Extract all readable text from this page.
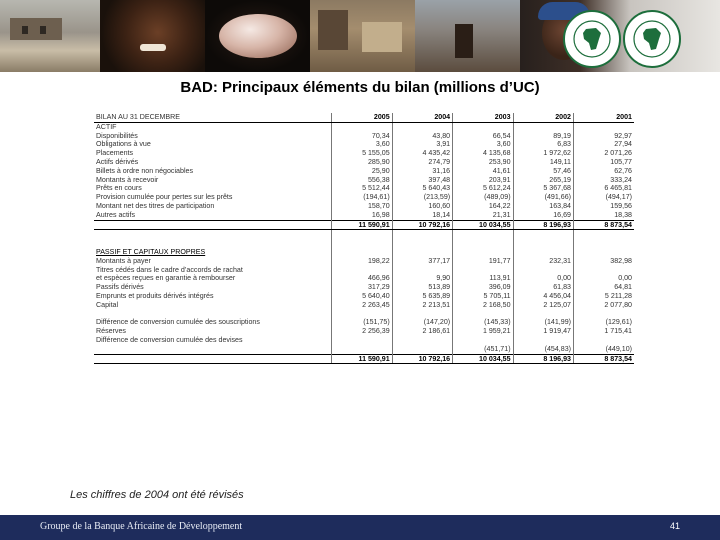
BAD: Principaux éléments du bilan (millions d’UC)
BILAN AU 31 DECEMBRE	2005	2004	2003	2002	2001
ACTIF					
Disponibilités	70,34	43,80	66,54	89,19	92,97
Obligations à vue	3,60	3,91	3,60	6,83	27,94
Placements	5 155,05	4 435,42	4 135,68	1 972,62	2 071,26
Actifs dérivés	285,90	274,79	253,90	149,11	105,77
Billets à ordre non négociables	25,90	31,16	41,61	57,46	62,76
Montants à recevoir	556,38	397,48	203,91	265,19	333,24
Prêts en cours	5 512,44	5 640,43	5 612,24	5 367,68	6 465,81
Provision cumulée pour pertes sur les prêts	(194,61)	(213,59)	(489,09)	(491,66)	(494,17)
Montant net des titres de participation	158,70	160,60	164,22	163,84	159,56
Autres actifs	16,98	18,14	21,31	16,69	18,38
	11 590,91	10 792,16	10 034,55	8 196,93	8 873,54

PASSIF ET CAPITAUX PROPRES					
Montants à payer	198,22	377,17	191,77	232,31	382,98
Titres cédés dans le cadre d’accords de rachat					
et espèces reçues en garantie à rembourser	466,96	9,90	113,91	0,00	0,00
Passifs dérivés	317,29	513,89	396,09	61,83	64,81
Emprunts et produits dérivés intégrés	5 640,40	5 635,89	5 705,11	4 456,04	5 211,28
Capital	2 263,45	2 213,51	2 168,50	2 125,07	2 077,80

Différence de conversion cumulée des souscriptions	(151,75)	(147,20)	(145,33)	(141,99)	(129,61)
Réserves	2 256,39	2 186,61	1 959,21	1 919,47	1 715,41
Différence de conversion cumulée des devises					
			(451,71)	(454,83)	(449,10)
	11 590,91	10 792,16	10 034,55	8 196,93	8 873,54
Les chiffres de 2004 ont été révisés
Groupe de la Banque Africaine de Développement	41
